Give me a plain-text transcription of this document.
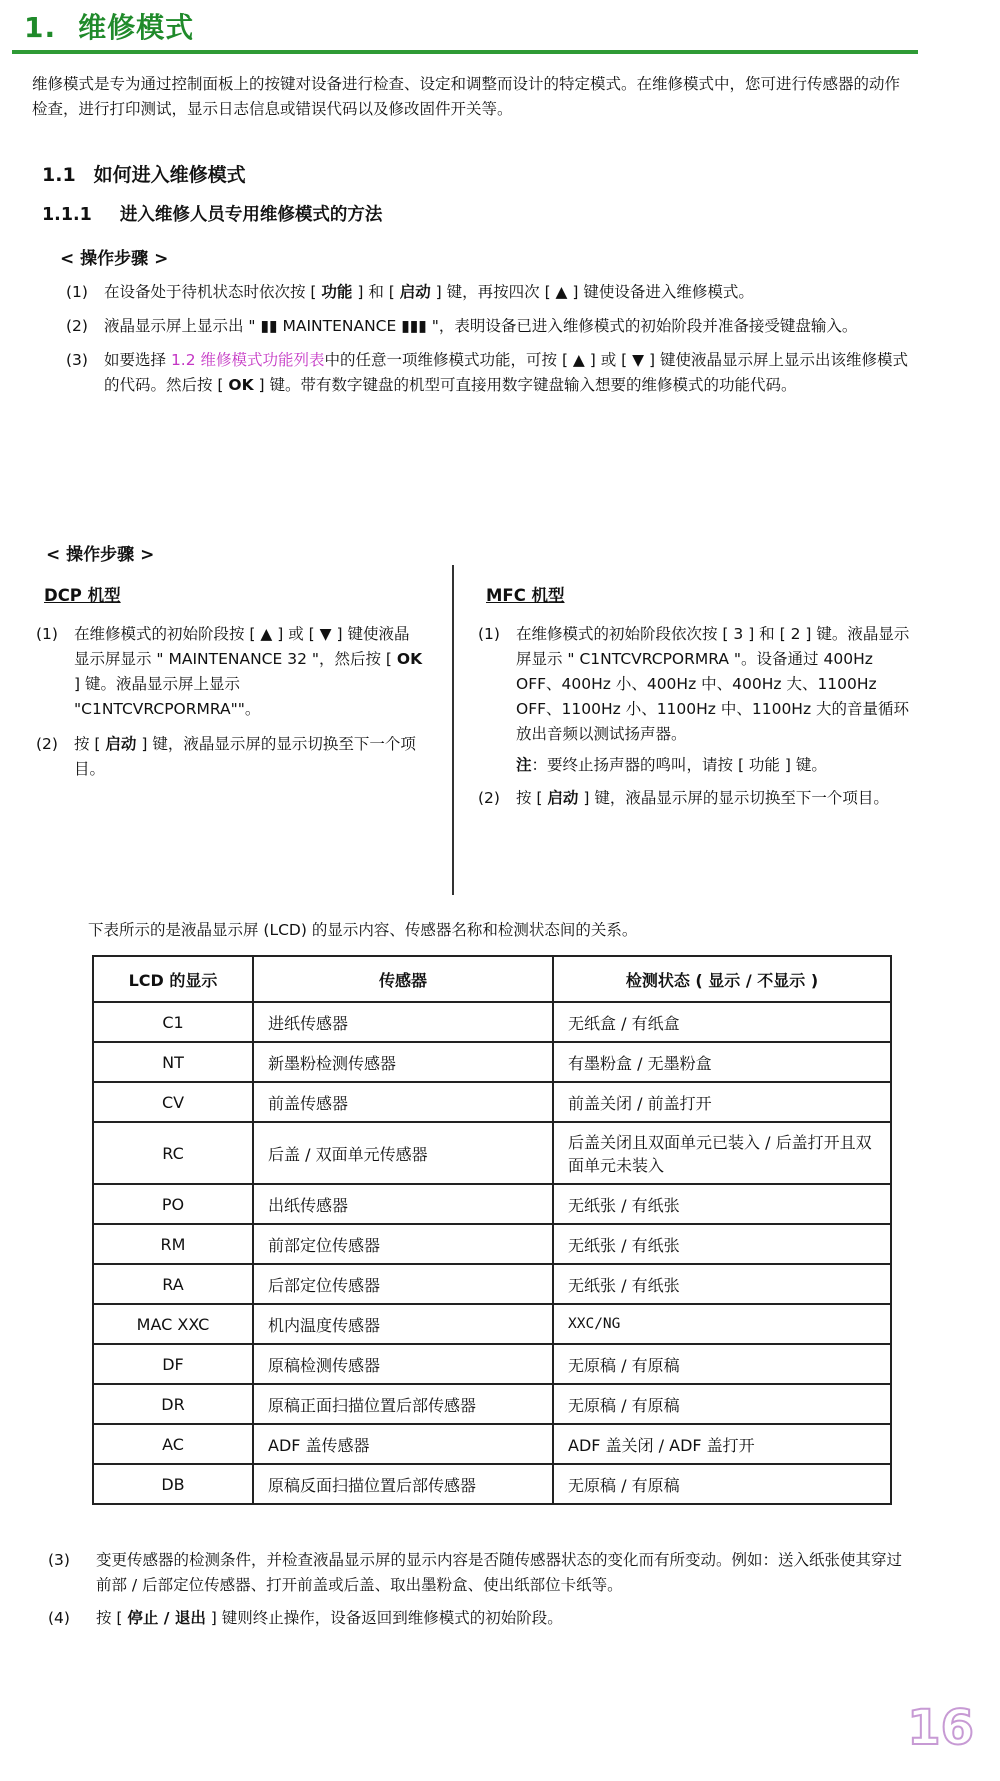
1. 维修模式
维修模式是专为通过控制面板上的按键对设备进行检查、设定和调整而设计的特定模式。在维修模式中，您可进行传感器的动作检查，进行打印测试，显示日志信息或错误代码以及修改固件开关等。
1.1 如何进入维修模式
1.1.1 进入维修人员专用维修模式的方法
< 操作步骤 >
(1)	在设备处于待机状态时依次按 [ 功能 ] 和 [ 启动 ] 键，再按四次 [ ▲ ] 键使设备进入维修模式。
(2)	液晶显示屏上显示出 " ▮▮ MAINTENANCE ▮▮▮ "，表明设备已进入维修模式的初始阶段并准备接受键盘输入。
(3)	如要选择 1.2 维修模式功能列表中的任意一项维修模式功能，可按 [ ▲ ] 或 [ ▼ ] 键使液晶显示屏上显示出该维修模式的代码。然后按 [ OK ] 键。带有数字键盘的机型可直接用数字键盘输入想要的维修模式的功能代码。
< 操作步骤 >
DCP 机型
(1)	在维修模式的初始阶段按 [ ▲ ] 或 [ ▼ ] 键使液晶显示屏显示 " MAINTENANCE 32 "，然后按 [ OK ] 键。液晶显示屏上显示 "C1NTCVRCPORMRA""。
(2)	按 [ 启动 ] 键，液晶显示屏的显示切换至下一个项目。
MFC 机型
(1)	在维修模式的初始阶段依次按 [ 3 ] 和 [ 2 ] 键。液晶显示屏显示 " C1NTCVRCPORMRA "。设备通过 400Hz OFF、400Hz 小、400Hz 中、400Hz 大、1100Hz OFF、1100Hz 小、1100Hz 中、1100Hz 大的音量循环放出音频以测试扬声器。
注：要终止扬声器的鸣叫，请按 [ 功能 ] 键。
(2)	按 [ 启动 ] 键，液晶显示屏的显示切换至下一个项目。
下表所示的是液晶显示屏 (LCD) 的显示内容、传感器名称和检测状态间的关系。
LCD 的显示	传感器	检测状态 ( 显示 / 不显示 )
C1	进纸传感器	无纸盒 / 有纸盒
NT	新墨粉检测传感器	有墨粉盒 / 无墨粉盒
CV	前盖传感器	前盖关闭 / 前盖打开
RC	后盖 / 双面单元传感器	后盖关闭且双面单元已装入 / 后盖打开且双面单元未装入
PO	出纸传感器	无纸张 / 有纸张
RM	前部定位传感器	无纸张 / 有纸张
RA	后部定位传感器	无纸张 / 有纸张
MAC XXC	机内温度传感器	XXC/NG
DF	原稿检测传感器	无原稿 / 有原稿
DR	原稿正面扫描位置后部传感器	无原稿 / 有原稿
AC	ADF 盖传感器	ADF 盖关闭 / ADF 盖打开
DB	原稿反面扫描位置后部传感器	无原稿 / 有原稿
(3)	变更传感器的检测条件，并检查液晶显示屏的显示内容是否随传感器状态的变化而有所变动。例如：送入纸张使其穿过前部 / 后部定位传感器、打开前盖或后盖、取出墨粉盒、使出纸部位卡纸等。
(4)	按 [ 停止 / 退出 ] 键则终止操作，设备返回到维修模式的初始阶段。
16
